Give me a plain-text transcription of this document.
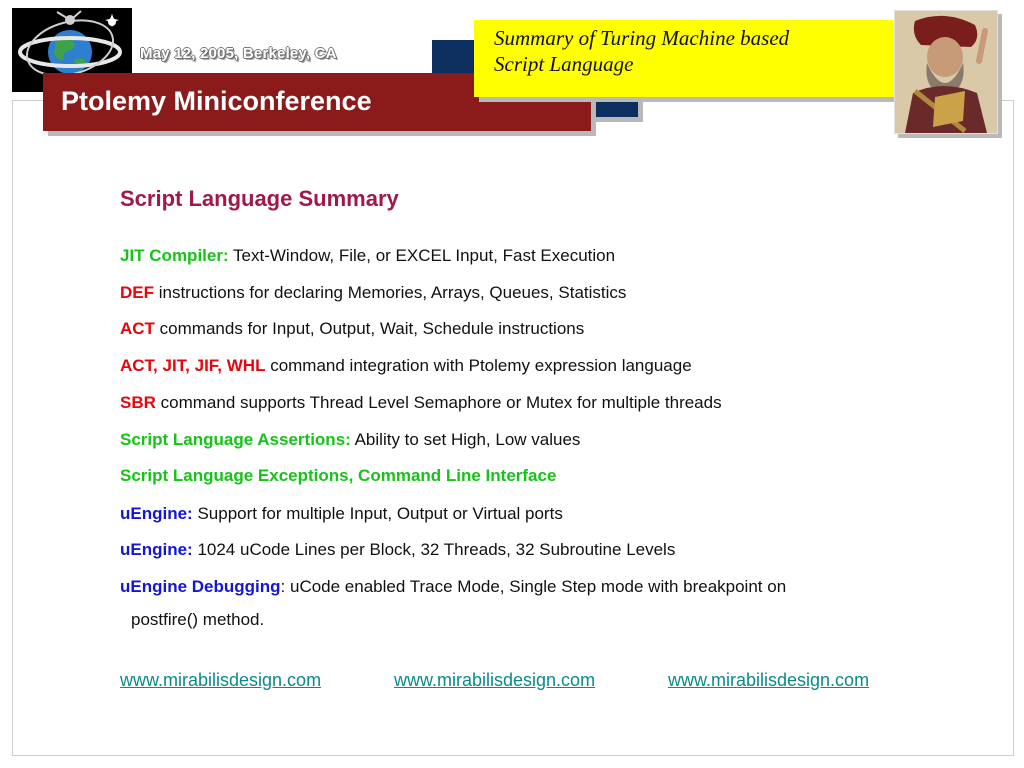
May 12, 2005, Berkeley, CA
Ptolemy Miniconference
Summary of Turing Machine based
Script Language
Script Language Summary
JIT Compiler: Text-Window, File, or EXCEL Input, Fast Execution
DEF instructions for declaring Memories, Arrays, Queues, Statistics
ACT commands for Input, Output, Wait, Schedule instructions
ACT, JIT, JIF, WHL command integration with Ptolemy expression language
SBR command supports Thread Level Semaphore or Mutex for multiple threads
Script Language Assertions: Ability to set High, Low values
Script Language Exceptions, Command Line Interface
uEngine: Support for multiple Input, Output or Virtual ports
uEngine: 1024 uCode Lines per Block, 32 Threads, 32 Subroutine Levels
uEngine Debugging: uCode enabled Trace Mode, Single Step mode with breakpoint on
postfire() method.
www.mirabilisdesign.com	www.mirabilisdesign.com	www.mirabilisdesign.com
